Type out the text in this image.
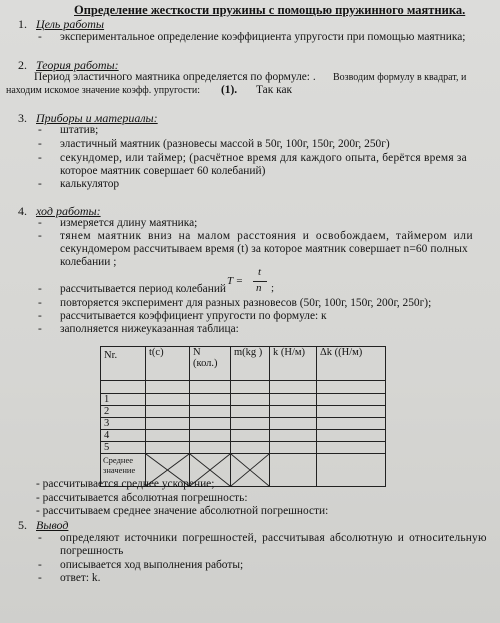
Определение жесткости пружины с помощью пружинного маятника.
1. Цель работы
- экспериментальное определение коэффициента упругости при помощью маятника;
2. Теория работы:
Период эластичного маятника определяется по формуле: . Возводим формулу в квадрат, и
находим искомое значение коэфф. упругости: (1). Так как
3. Приборы и материалы:
- штатив;
- эластичный маятник (разновесы массой в 50г, 100г, 150г, 200г, 250г)
- секундомер, или таймер; (расчётное время для каждого опыта, берётся время за
которое маятник совершает 60 колебаний)
- калькулятор
4. ход работы:
- измеряется длину маятника;
- тянем маятник вниз на малом расстояния и освобождаем, таймером или
секундомером рассчитываем время (t) за которое маятник совершает n=60 полных
колебании ;
T =
t
n ;
- рассчитывается период колебаний
- повторяется эксперимент для разных разновесов (50г, 100г, 150г, 200г, 250г);
- рассчитывается коэффициент упругости по формуле: к
- заполняется нижеуказанная таблица:
Nr.	t(c)	N (кол.)	m(kg )	k (H/м)	Δk ((H/м)

1					
2					
3					
4					
5					
Среднее значение	

- рассчитывается среднее ускорение;
- рассчитывается абсолютная погрешность:
- рассчитываем среднее значение абсолютной погрешности:
5. Вывод
- определяют источники погрешностей, рассчитывая абсолютную и относительную
погрешность
- описывается ход выполнения работы;
- ответ: k.
